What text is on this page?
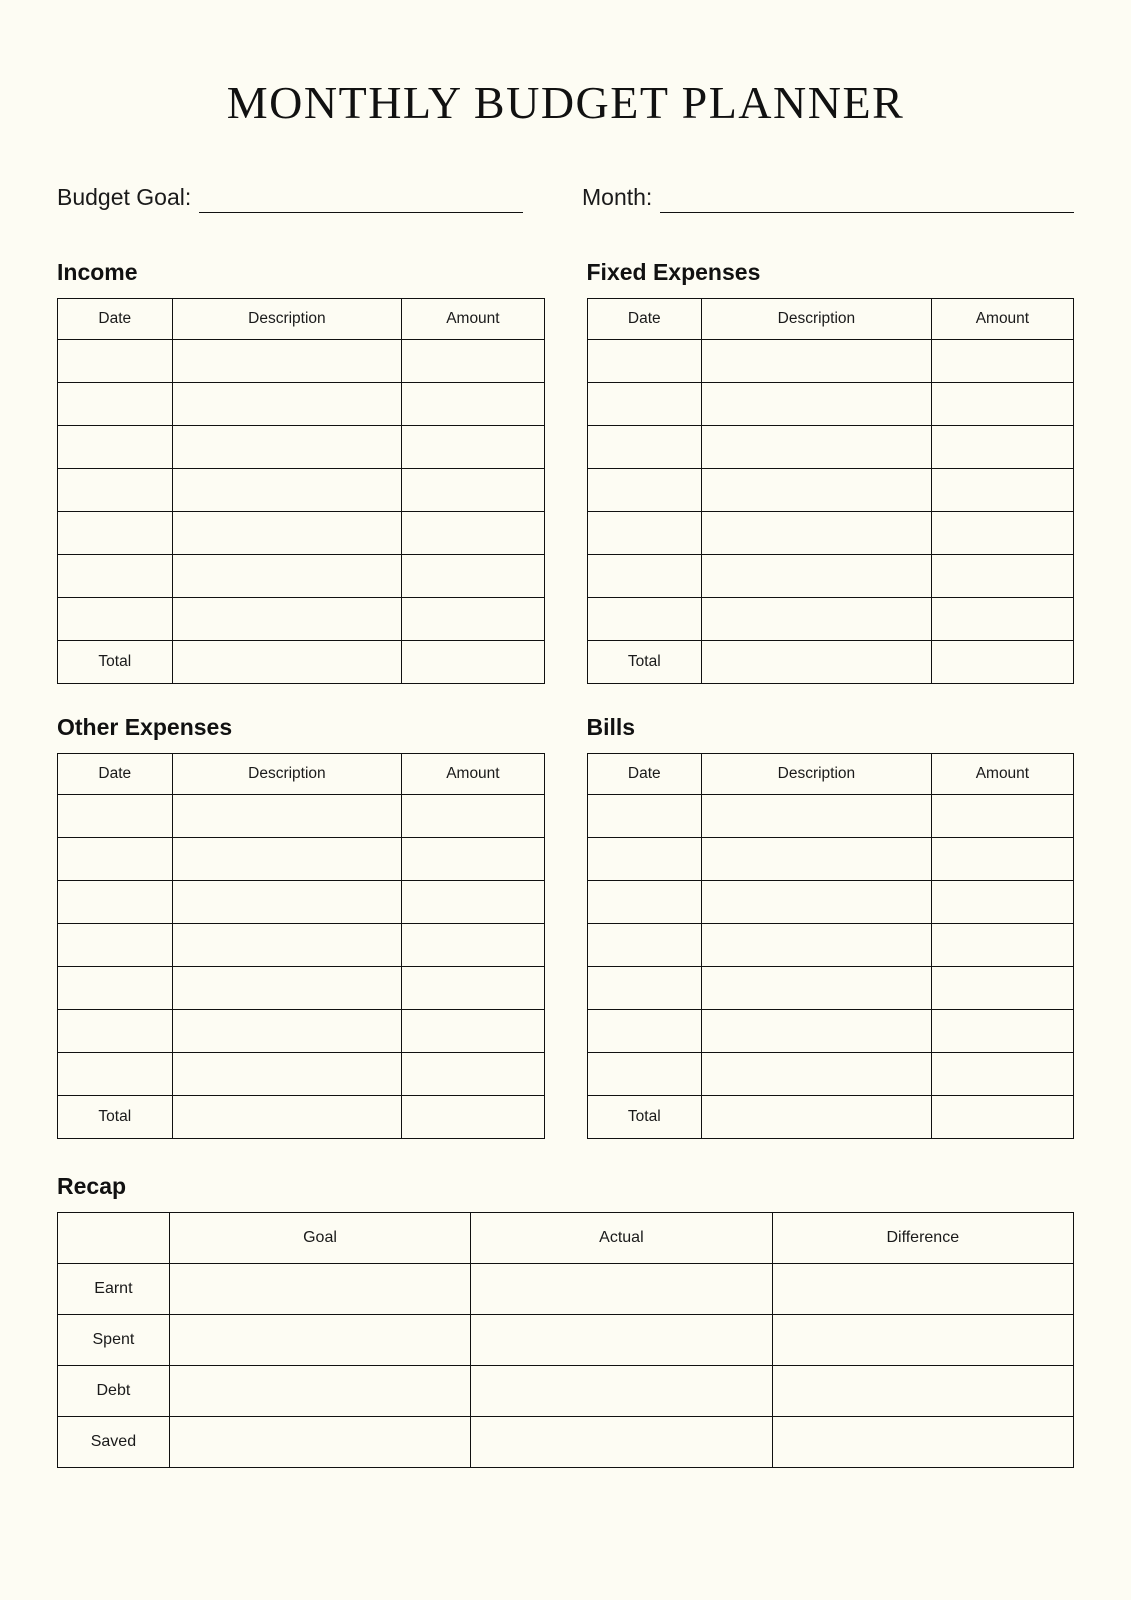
MONTHLY BUDGET PLANNER
Budget Goal:	Month:
Income
Date	Description	Amount

Total		
Other Expenses
Date	Description	Amount

Total		
Fixed Expenses
Date	Description	Amount

Total		
Bills
Date	Description	Amount

Total		
Recap
	Goal	Actual	Difference
Earnt			
Spent			
Debt			
Saved			
